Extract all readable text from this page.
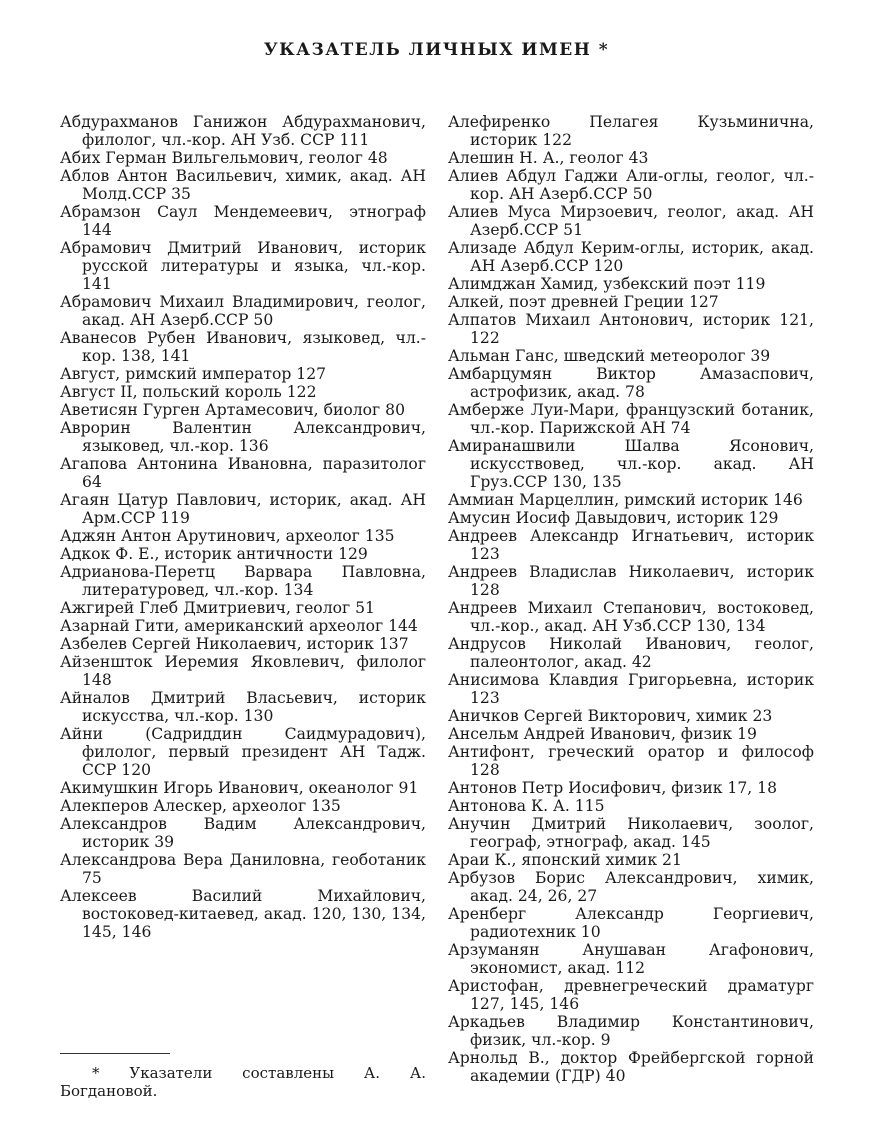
УКАЗАТЕЛЬ ЛИЧНЫХ ИМЕН *

Абдурахманов Ганижон Абдурахманович, филолог, чл.-кор. АН Узб. ССР 111

Абих Герман Вильгельмович, геолог 48

Аблов Антон Васильевич, химик, акад. АН Молд.ССР 35

Абрамзон Саул Мендемеевич, этнограф 144

Абрамович Дмитрий Иванович, историк русской литературы и языка, чл.-кор. 141

Абрамович Михаил Владимирович, геолог, акад. АН Азерб.ССР 50

Аванесов Рубен Иванович, языковед, чл.-кор. 138, 141

Август, римский император 127

Август II, польский король 122

Аветисян Гурген Артамесович, биолог 80

Аврорин Валентин Александрович, языковед, чл.-кор. 136

Агапова Антонина Ивановна, паразитолог 64

Агаян Цатур Павлович, историк, акад. АН Арм.ССР 119

Аджян Антон Арутинович, археолог 135

Адкок Ф. Е., историк античности 129

Адрианова-Перетц Варвара Павловна, литературовед, чл.-кор. 134

Ажгирей Глеб Дмитриевич, геолог 51

Азарнай Гити, американский археолог 144

Азбелев Сергей Николаевич, историк 137

Айзеншток Иеремия Яковлевич, филолог 148

Айналов Дмитрий Власьевич, историк искусства, чл.-кор. 130

Айни (Садриддин Саидмурадович), филолог, первый президент АН Тадж. ССР 120

Акимушкин Игорь Иванович, океанолог 91

Алекперов Алескер, археолог 135

Александров Вадим Александрович, историк 39

Александрова Вера Даниловна, геоботаник 75

Алексеев Василий Михайлович, востоковед-китаевед, акад. 120, 130, 134, 145, 146

Алефиренко Пелагея Кузьминична, историк 122

Алешин Н. А., геолог 43

Алиев Абдул Гаджи Али-оглы, геолог, чл.-кор. АН Азерб.ССР 50

Алиев Муса Мирзоевич, геолог, акад. АН Азерб.ССР 51

Ализаде Абдул Керим-оглы, историк, акад. АН Азерб.ССР 120

Алимджан Хамид, узбекский поэт 119

Алкей, поэт древней Греции 127

Алпатов Михаил Антонович, историк 121, 122

Альман Ганс, шведский метеоролог 39

Амбарцумян Виктор Амазаспович, астрофизик, акад. 78

Амберже Луи-Мари, французский ботаник, чл.-кор. Парижской АН 74

Амиранашвили Шалва Ясонович, искусствовед, чл.-кор. акад. АН Груз.ССР 130, 135

Аммиан Марцеллин, римский историк 146

Амусин Иосиф Давыдович, историк 129

Андреев Александр Игнатьевич, историк 123

Андреев Владислав Николаевич, историк 128

Андреев Михаил Степанович, востоковед, чл.-кор., акад. АН Узб.ССР 130, 134

Андрусов Николай Иванович, геолог, палеонтолог, акад. 42

Анисимова Клавдия Григорьевна, историк 123

Аничков Сергей Викторович, химик 23

Ансельм Андрей Иванович, физик 19

Антифонт, греческий оратор и философ 128

Антонов Петр Иосифович, физик 17, 18

Антонова К. А. 115

Анучин Дмитрий Николаевич, зоолог, географ, этнограф, акад. 145

Араи К., японский химик 21

Арбузов Борис Александрович, химик, акад. 24, 26, 27

Аренберг Александр Георгиевич, радиотехник 10

Арзуманян Анушаван Агафонович, экономист, акад. 112

Аристофан, древнегреческий драматург 127, 145, 146

Аркадьев Владимир Константинович, физик, чл.-кор. 9

Арнольд В., доктор Фрейбергской горной академии (ГДР) 40

* Указатели составлены А. А. Богдановой.
